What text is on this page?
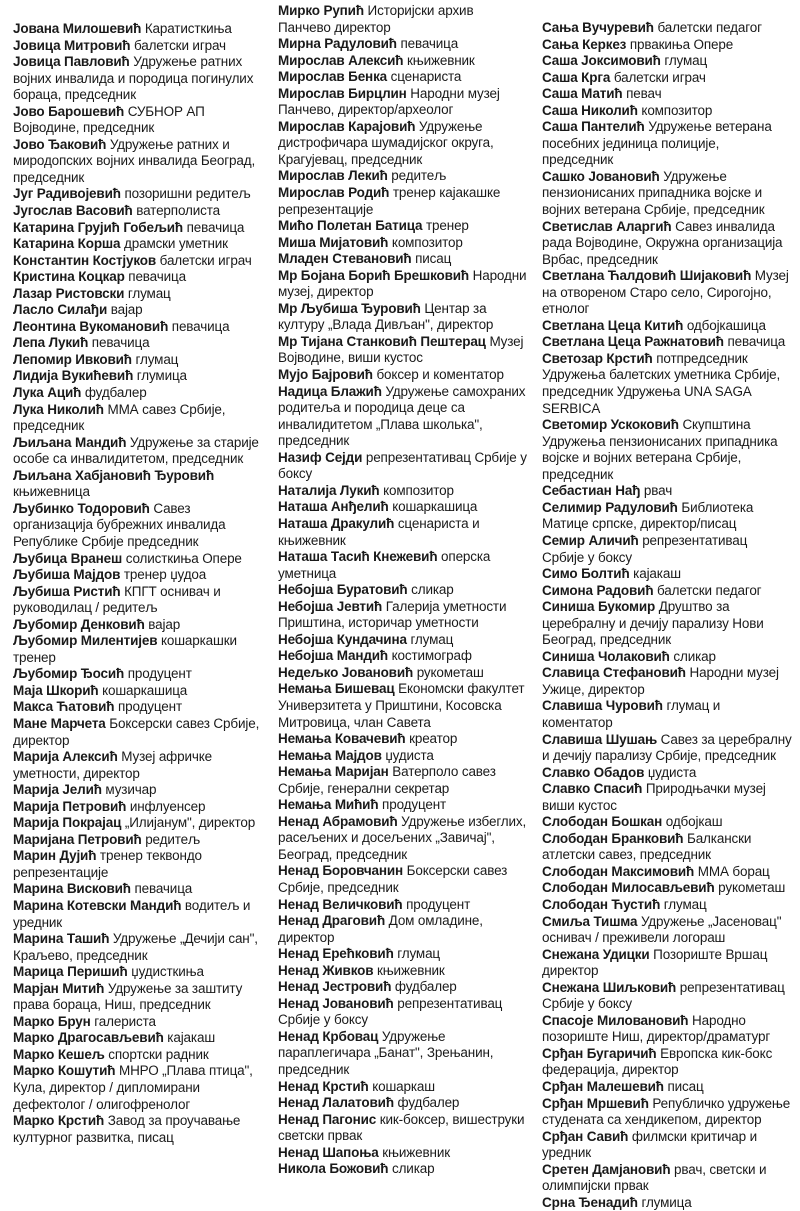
Јована Милошевић Каратисткиња
Јовица Митровић балетски играч
Јовица Павловић Удружење ратних војних инвалида и породица погинулих бораца, председник
Јово Барошевић СУБНОР АП Војводине, председник
Јово Ђаковић Удружење ратних и миродопских војних инвалида Београд, председник
Југ Радивојевић позоришни редитељ
Југослав Васовић ватерполиста
Катарина Грујић Гобељић певачица
Катарина Корша драмски уметник
Константин Костјуков балетски играч
Кристина Коцкар певачица
Лазар Ристовски глумац
Ласло Силађи вајар
Леонтина Вукомановић певачица
Лепа Лукић певачица
Лепомир Ивковић глумац
Лидија Вукићевић глумица
Лука Ацић фудбалер
Лука Николић ММА савез Србије, председник
Љиљана Мандић Удружење за старије особе са инвалидитетом, председник
Љиљана Хабјановић Ђуровић књижевница
Љубинко Тодоровић Савез организација бубрежних инвалида Републике Србије председник
Љубица Вранеш солисткиња Опере
Љубиша Мајдов тренер џудоа
Љубиша Ристић КПГТ оснивач и руководилац / редитељ
Љубомир Денковић вајар
Љубомир Милентијев кошаркашки тренер
Љубомир Ђосић продуцент
Маја Шкорић кошаркашица
Макса Ћатовић продуцент
Мане Марчета Боксерски савез Србије, директор
Марија Алексић Музеј афричке уметности, директор
Марија Јелић музичар
Марија Петровић инфлуенсер
Марија Покрајац „Илијанум", директор
Маријана Петровић редитељ
Марин Дујић тренер теквондо репрезентације
Марина Висковић певачица
Марина Котевски Мандић водитељ и уредник
Марина Ташић Удружење „Дечији сан", Краљево, председник
Марица Перишић џудисткиња
Марјан Митић Удружење за заштиту права бораца, Ниш, председник
Марко Брун галериста
Марко Драгосављевић кајакаш
Марко Кешељ спортски радник
Марко Кошутић МНРО „Плава птица", Кула, директор / дипломирани дефектолог / олигофренолог
Марко Крстић Завод за проучавање културног развитка, писац
Мирко Рупић Историјски архив Панчево директор
Мирна Радуловић певачица
Мирослав Алексић књижевник
Мирослав Бенка сценариста
Мирослав Бирцлин Народни музеј Панчево, директор/археолог
Мирослав Карајовић Удружење дистрофичара шумадијског округа, Крагујевац, председник
Мирослав Лекић редитељ
Мирослав Родић тренер кајакашке репрезентације
Мићо Полетан Батица тренер
Миша Мијатовић композитор
Младен Стевановић писац
Мр Бојана Борић Брешковић Народни музеј, директор
Мр Љубиша Ђуровић Центар за културу „Влада Дивљан", директор
Мр Тијана Станковић Пештерац Музеј Војводине, виши кустос
Мујо Бајровић боксер и коментатор
Надица Блажић Удружење самохраних родитеља и породица деце са инвалидитетом „Плава школька", председник
Назиф Сејди репрезентативац Србије у боксу
Наталија Лукић композитор
Наташа Анђелић кошаркашица
Наташа Дракулић сценариста и књижевник
Наташа Тасић Кнежевић оперска уметница
Небојша Буратовић сликар
Небојша Јевтић Галерија уметности Приштина, историчар уметности
Небојша Кундачина глумац
Небојша Мандић костимограф
Недељко Јовановић рукометаш
Немања Бишевац Економски факултет Универзитета у Приштини, Косовска Митровица, члан Савета
Немања Ковачевић креатор
Немања Мајдов џудиста
Немања Маријан Ватерполо савез Србије, генерални секретар
Немања Мићић продуцент
Ненад Абрамовић Удружење избеглих, расељених и досељених „Завичај", Београд, председник
Ненад Боровчанин Боксерски савез Србије, председник
Ненад Величковић продуцент
Ненад Драговић Дом омладине, директор
Ненад Ерећковић глумац
Ненад Живков књижевник
Ненад Јестровић фудбалер
Ненад Јовановић репрезентативац Србије у боксу
Ненад Крбовац Удружење параплегичара „Банат", Зрењанин, председник
Ненад Крстић кошаркаш
Ненад Лалатовић фудбалер
Ненад Пагонис кик-боксер, вишеструки светски првак
Ненад Шапоња књижевник
Никола Божовић сликар
Сања Вучуревић балетски педагог
Сања Керкез првакиња Опере
Саша Јоксимовић глумац
Саша Крга балетски играч
Саша Матић певач
Саша Николић композитор
Саша Пантелић Удружење ветерана посебних јединица полиције, председник
Сашко Јовановић Удружење пензионисаних припадника војске и војних ветерана Србије, председник
Светислав Аларгић Савез инвалида рада Војводине, Окружна организација Врбас, председник
Светлана Ћалдовић Шијаковић Музеј на отвореном Старо село, Сирогојно, етнолог
Светлана Цеца Китић одбојкашица
Светлана Цеца Ражнатовић певачица
Светозар Крстић потпредседник Удружења балетских уметника Србије, председник Удружења UNA SAGA SERBICA
Светомир Ускоковић Скупштина Удружења пензионисаних припадника војске и војних ветерана Србије, председник
Себастиан Нађ рвач
Селимир Радуловић Библиотека Матице српске, директор/писац
Семир Аличић репрезентативац Србије у боксу
Симо Болтић кајакаш
Симона Радовић балетски педагог
Синиша Букомир Друштво за церебралну и дечију парализу Нови Београд, председник
Синиша Чолаковић сликар
Славица Стефановић Народни музеј Ужице, директор
Славиша Чуровић глумац и коментатор
Славиша Шушањ Савез за церебралну и дечију парализу Србије, председник
Славко Обадов џудиста
Славко Спасић Природњачки музеј виши кустос
Слободан Бошкан одбојкаш
Слободан Бранковић Балкански атлетски савез, председник
Слободан Максимовић ММА борац
Слободан Милосављевић рукометаш
Слободан Ћустић глумац
Смиља Тишма Удружење „Јасеновац" оснивач / преживели логораш
Снежана Удицки Позориште Вршац директор
Снежана Шиљковић репрезентативац Србије у боксу
Спасоје Милованoвић Народно позориште Ниш, директор/драматург
Срђан Бугаричић Европска кик-бокс федерација, директор
Срђан Малешевић писац
Срђан Мршевић Републичко удружење студената са хендикепом, директор
Срђан Савић филмски критичар и уредник
Сретен Дамјановић рвач, светски и олимпијски првак
Срна Ђенадић глумица
